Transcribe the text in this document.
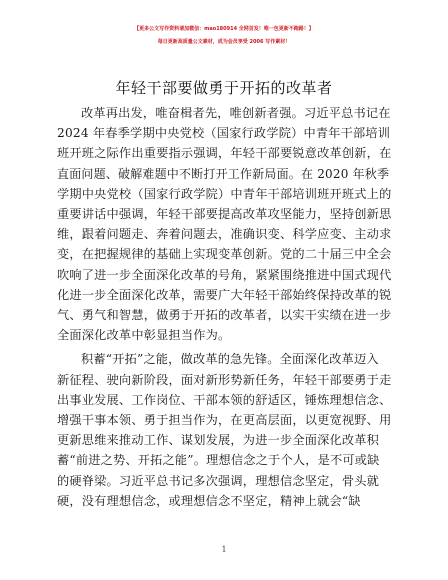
【更多公文写作资料请加微信：mao180914 全网首发！唯一包更新不跑路！】
每日更新高质量公文素材，成为会员享受 2006 写作素材！
年轻干部要做勇于开拓的改革者

改革再出发，唯奋楫者先，唯创新者强。习近平总书记在

2024 年春季学期中央党校（国家行政学院）中青年干部培训

班开班之际作出重要指示强调，年轻干部要锐意改革创新，在

直面问题、破解难题中不断打开工作新局面。在 2020 年秋季

学期中央党校（国家行政学院）中青年干部培训班开班式上的

重要讲话中强调，年轻干部要提高改革攻坚能力，坚持创新思

维，跟着问题走、奔着问题去，准确识变、科学应变、主动求

变，在把握规律的基础上实现变革创新。党的二十届三中全会

吹响了进一步全面深化改革的号角，紧紧围绕推进中国式现代

化进一步全面深化改革，需要广大年轻干部始终保持改革的锐

气、勇气和智慧，做勇于开拓的改革者，以实干实绩在进一步

全面深化改革中彰显担当作为。

积蓄“开拓”之能，做改革的急先锋。全面深化改革迈入

新征程、驶向新阶段，面对新形势新任务，年轻干部要勇于走

出事业发展、工作岗位、干部本领的舒适区，锤炼理想信念、

增强干事本领、勇于担当作为，在更高层面，以更宽视野、用

更新思维来推动工作、谋划发展，为进一步全面深化改革积

蓄“前进之势、开拓之能”。理想信念之于个人，是不可或缺

的硬脊梁。习近平总书记多次强调，理想信念坚定，骨头就

硬，没有理想信念，或理想信念不坚定，精神上就会“缺

1
